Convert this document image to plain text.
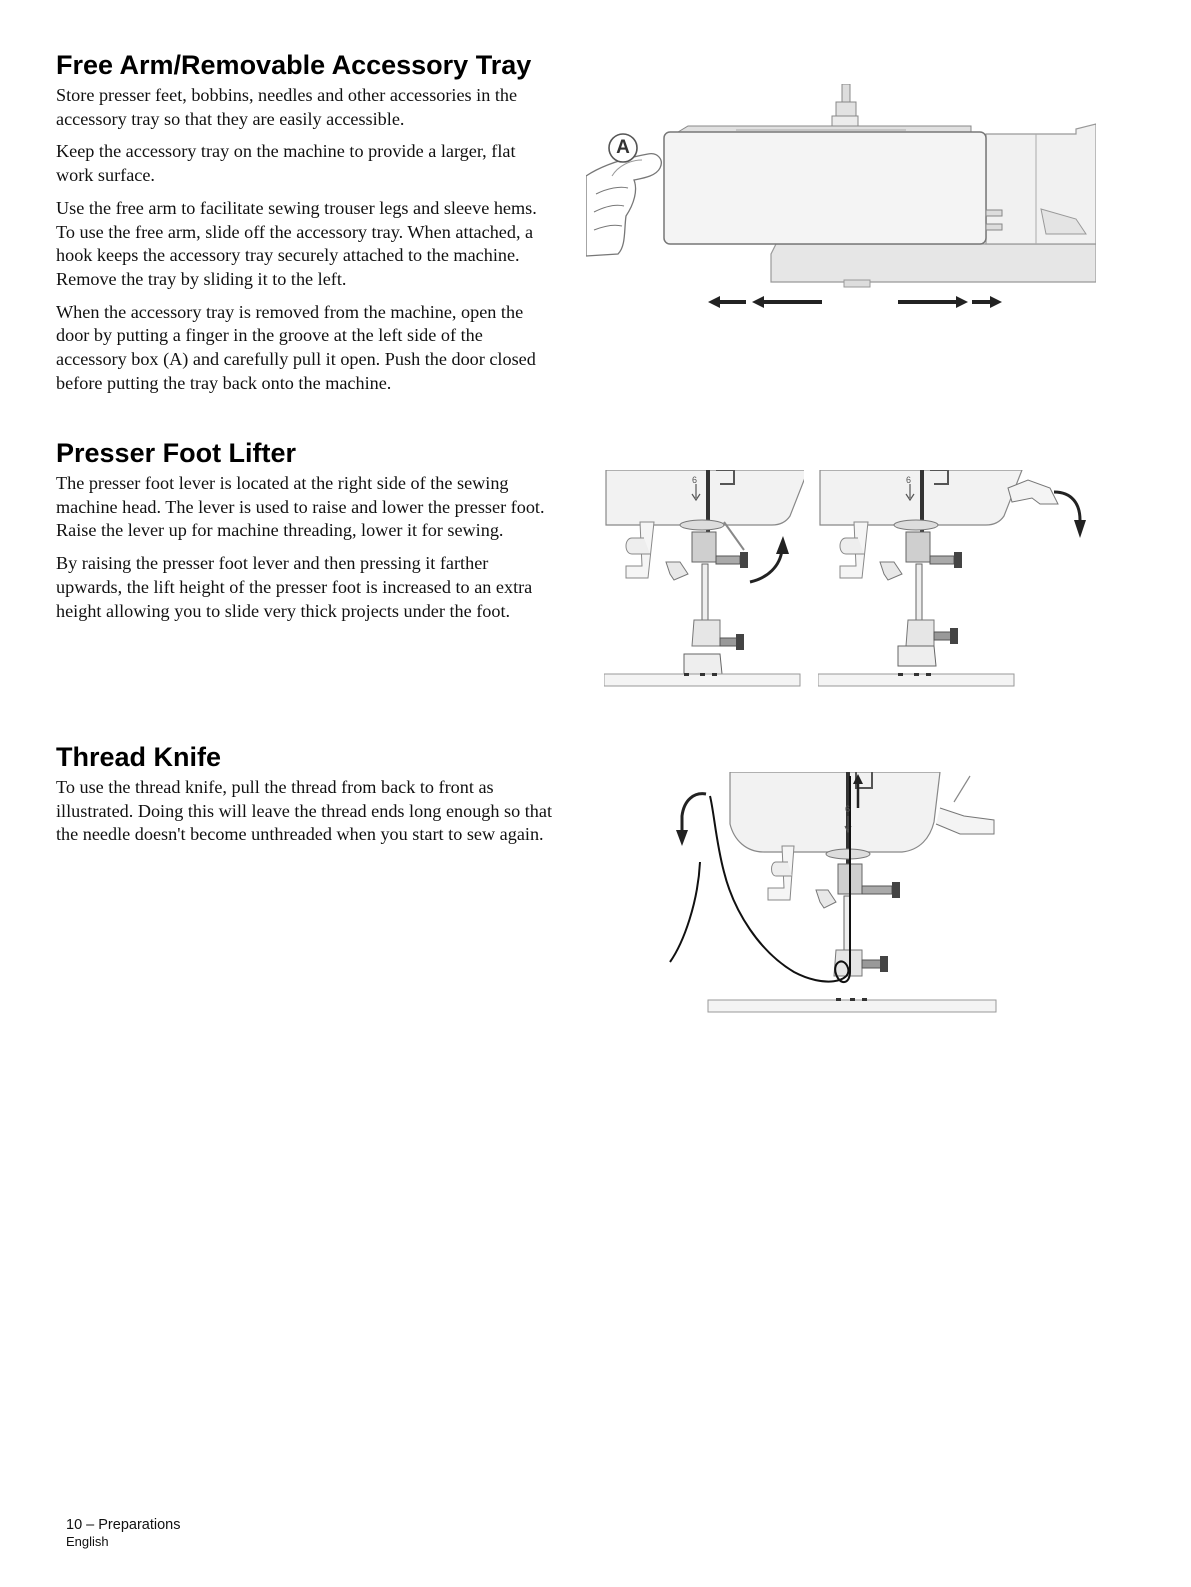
Free Arm/Removable Accessory Tray

Store presser feet, bobbins, needles and other accessories in the accessory tray so that they are easily accessible.

Keep the accessory tray on the machine to provide a larger, flat work surface.

Use the free arm to facilitate sewing trouser legs and sleeve hems. To use the free arm, slide off the accessory tray. When attached, a hook keeps the accessory tray securely attached to the machine. Remove the tray by sliding it to the left.

When the accessory tray is removed from the machine, open the door by putting a finger in the groove at the left side of the accessory box (A) and carefully pull it open. Push the door closed before putting the tray back onto the machine.

Presser Foot Lifter

The presser foot lever is located at the right side of the sewing machine head. The lever is used to raise and lower the presser foot. Raise the lever up for machine threading, lower it for sewing.

By raising the presser foot lever and then pressing it farther upwards, the lift height of the presser foot is increased to an extra height allowing you to slide very thick projects under the foot.

Thread Knife

To use the thread knife, pull the thread from back to front as illustrated. Doing this will leave the thread ends long enough so that the needle doesn't become unthreaded when you start to sew again.

A
6	6
6
10 – Preparations
English
